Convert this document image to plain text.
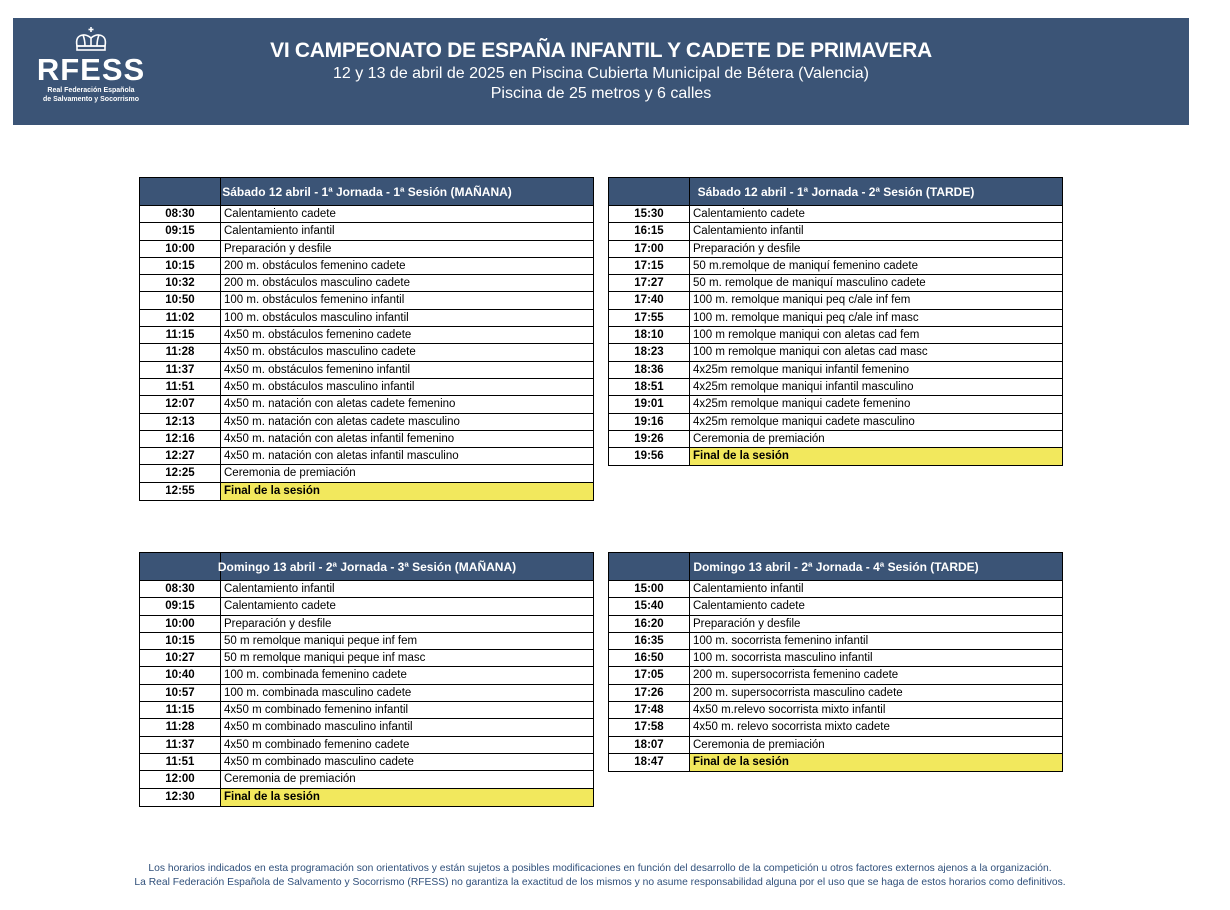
RFESS
Real Federación Española
de Salvamento y Socorrismo
VI CAMPEONATO DE ESPAÑA INFANTIL Y CADETE DE PRIMAVERA
12 y 13 de abril de 2025 en Piscina Cubierta Municipal de Bétera (Valencia)
Piscina de 25 metros y 6 calles
Sábado 12 abril - 1ª Jornada - 1ª Sesión (MAÑANA)
08:30	Calentamiento cadete
09:15	Calentamiento infantil
10:00	Preparación y desfile
10:15	200 m. obstáculos femenino cadete
10:32	200 m. obstáculos masculino cadete
10:50	100 m. obstáculos femenino infantil
11:02	100 m. obstáculos masculino infantil
11:15	4x50 m. obstáculos femenino cadete
11:28	4x50 m. obstáculos masculino cadete
11:37	4x50 m. obstáculos femenino infantil
11:51	4x50 m. obstáculos masculino infantil
12:07	4x50 m. natación con aletas cadete femenino
12:13	4x50 m. natación con aletas cadete masculino
12:16	4x50 m. natación con aletas infantil femenino
12:27	4x50 m. natación con aletas infantil masculino
12:25	Ceremonia de premiación
12:55	Final de la sesión
Sábado 12 abril - 1ª Jornada - 2ª Sesión (TARDE)
15:30	Calentamiento cadete
16:15	Calentamiento infantil
17:00	Preparación y desfile
17:15	50 m.remolque de maniquí femenino cadete
17:27	50 m. remolque de maniquí masculino cadete
17:40	100 m. remolque maniqui peq c/ale inf fem
17:55	100 m. remolque maniqui peq c/ale inf masc
18:10	100 m remolque maniqui con aletas cad fem
18:23	100 m remolque maniqui con aletas cad masc
18:36	4x25m remolque maniqui infantil femenino
18:51	4x25m remolque maniqui infantil masculino
19:01	4x25m remolque maniqui cadete femenino
19:16	4x25m remolque maniqui cadete masculino
19:26	Ceremonia de premiación
19:56	Final de la sesión
Domingo 13 abril - 2ª Jornada - 3ª Sesión (MAÑANA)
08:30	Calentamiento infantil
09:15	Calentamiento cadete
10:00	Preparación y desfile
10:15	50 m remolque maniqui peque inf fem
10:27	50 m remolque maniqui peque inf masc
10:40	100 m. combinada femenino cadete
10:57	100 m. combinada masculino cadete
11:15	4x50 m combinado femenino infantil
11:28	4x50 m combinado masculino infantil
11:37	4x50 m combinado femenino cadete
11:51	4x50 m combinado masculino cadete
12:00	Ceremonia de premiación
12:30	Final de la sesión
Domingo 13 abril - 2ª Jornada - 4ª Sesión (TARDE)
15:00	Calentamiento infantil
15:40	Calentamiento cadete
16:20	Preparación y desfile
16:35	100 m. socorrista femenino infantil
16:50	100 m. socorrista masculino infantil
17:05	200 m. supersocorrista femenino cadete
17:26	200 m. supersocorrista masculino cadete
17:48	4x50 m.relevo socorrista mixto infantil
17:58	4x50 m. relevo socorrista mixto cadete
18:07	Ceremonia de premiación
18:47	Final de la sesión
Los horarios indicados en esta programación son orientativos y están sujetos a posibles modificaciones en función del desarrollo de la competición u otros factores externos ajenos a la organización.
La Real Federación Española de Salvamento y Socorrismo (RFESS) no garantiza la exactitud de los mismos y no asume responsabilidad alguna por el uso que se haga de estos horarios como definitivos.
